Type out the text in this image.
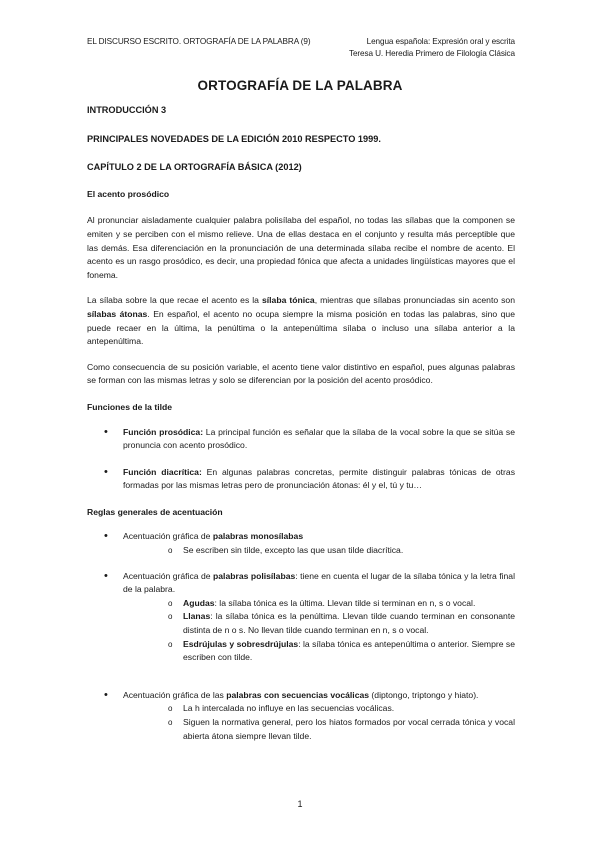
EL DISCURSO ESCRITO. ORTOGRAFÍA DE LA PALABRA (9)	Lengua española: Expresión oral y escrita
Teresa U. Heredia Primero de Filología Clásica
ORTOGRAFÍA DE LA PALABRA
INTRODUCCIÓN 3
PRINCIPALES NOVEDADES DE LA EDICIÓN 2010 RESPECTO 1999.
CAPÍTULO 2 DE LA ORTOGRAFÍA BÁSICA (2012)
El acento prosódico

Al pronunciar aisladamente cualquier palabra polisílaba del español, no todas las sílabas que la componen se emiten y se perciben con el mismo relieve. Una de ellas destaca en el conjunto y resulta más perceptible que las demás. Esa diferenciación en la pronunciación de una determinada sílaba recibe el nombre de acento. El acento es un rasgo prosódico, es decir, una propiedad fónica que afecta a unidades lingüísticas mayores que el fonema.

La sílaba sobre la que recae el acento es la sílaba tónica, mientras que sílabas pronunciadas sin acento son sílabas átonas. En español, el acento no ocupa siempre la misma posición en todas las palabras, sino que puede recaer en la última, la penúltima o la antepenúltima sílaba o incluso una sílaba anterior a la antepenúltima.

Como consecuencia de su posición variable, el acento tiene valor distintivo en español, pues algunas palabras se forman con las mismas letras y solo se diferencian por la posición del acento prosódico.

Funciones de la tilde

• Función prosódica: La principal función es señalar que la sílaba de la vocal sobre la que se sitúa se pronuncia con acento prosódico.

• Función diacrítica: En algunas palabras concretas, permite distinguir palabras tónicas de otras formadas por las mismas letras pero de pronunciación átonas: él y el, tú y tu…

Reglas generales de acentuación

• Acentuación gráfica de palabras monosílabas

o Se escriben sin tilde, excepto las que usan tilde diacrítica.

• Acentuación gráfica de palabras polisílabas: tiene en cuenta el lugar de la sílaba tónica y la letra final de la palabra.

o Agudas: la sílaba tónica es la última. Llevan tilde si terminan en n, s o vocal.

o Llanas: la sílaba tónica es la penúltima. Llevan tilde cuando terminan en consonante distinta de n o s. No llevan tilde cuando terminan en n, s o vocal.

o Esdrújulas y sobresdrújulas: la sílaba tónica es antepenúltima o anterior. Siempre se escriben con tilde.

• Acentuación gráfica de las palabras con secuencias vocálicas (diptongo, triptongo y hiato).

o La h intercalada no influye en las secuencias vocálicas.

o Siguen la normativa general, pero los hiatos formados por vocal cerrada tónica y vocal abierta átona siempre llevan tilde.

1
